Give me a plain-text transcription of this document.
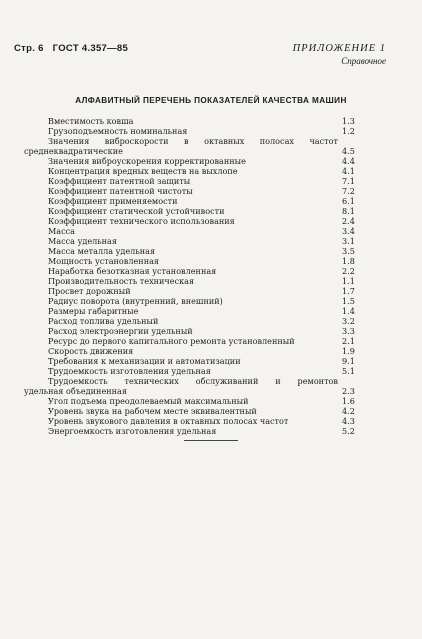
Стр. 6 ГОСТ 4.357—85	ПРИЛОЖЕНИЕ 1
Справочное
АЛФАВИТНЫЙ ПЕРЕЧЕНЬ ПОКАЗАТЕЛЕЙ КАЧЕСТВА МАШИН
Вместимость ковша	1.3
Грузоподъемность номинальная	1.2
Значения виброскорости в октавных полосах частот
среднеквадратические	4.5
Значения виброускорения корректированные	4.4
Концентрация вредных веществ на выхлопе	4.1
Коэффициент патентной защиты	7.1
Коэффициент патентной чистоты	7.2
Коэффициент применяемости	6.1
Коэффициент статической устойчивости	8.1
Коэффициент технического использования	2.4
Масса	3.4
Масса удельная	3.1
Масса металла удельная	3.5
Мощность установленная	1.8
Наработка безотказная установленная	2.2
Производительность техническая	1.1
Просвет дорожный	1.7
Радиус поворота (внутренний, внешний)	1.5
Размеры габаритные	1.4
Расход топлива удельный	3.2
Расход электроэнергии удельный	3.3
Ресурс до первого капитального ремонта установленный	2.1
Скорость движения	1.9
Требования к механизации и автоматизации	9.1
Трудоемкость изготовления удельная	5.1
Трудоемкость технических обслуживаний и ремонтов
удельная объединенная	2.3
Угол подъема преодолеваемый максимальный	1.6
Уровень звука на рабочем месте эквивалентный	4.2
Уровень звукового давления в октавных полосах частот	4.3
Энергоемкость изготовления удельная	5.2
